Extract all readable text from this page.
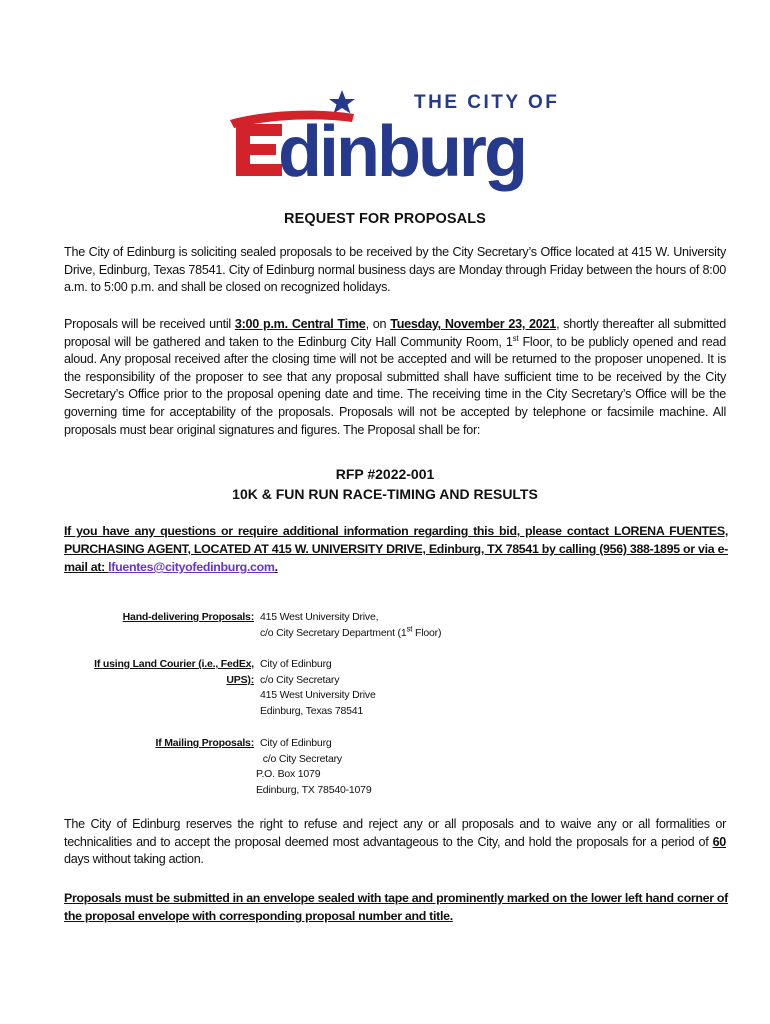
THE CITY OF
dinburg
REQUEST FOR PROPOSALS
The City of Edinburg is soliciting sealed proposals to be received by the City Secretary’s Office located at 415 W. University Drive, Edinburg, Texas 78541. City of Edinburg normal business days are Monday through Friday between the hours of 8:00 a.m. to 5:00 p.m. and shall be closed on recognized holidays.
Proposals will be received until 3:00 p.m. Central Time, on Tuesday, November 23, 2021, shortly thereafter all submitted proposal will be gathered and taken to the Edinburg City Hall Community Room, 1st Floor, to be publicly opened and read aloud. Any proposal received after the closing time will not be accepted and will be returned to the proposer unopened. It is the responsibility of the proposer to see that any proposal submitted shall have sufficient time to be received by the City Secretary’s Office prior to the proposal opening date and time. The receiving time in the City Secretary’s Office will be the governing time for acceptability of the proposals. Proposals will not be accepted by telephone or facsimile machine. All proposals must bear original signatures and figures. The Proposal shall be for:
RFP #2022-001
10K & FUN RUN RACE-TIMING AND RESULTS
If you have any questions or require additional information regarding this bid, please contact LORENA FUENTES, PURCHASING AGENT, LOCATED AT 415 W. UNIVERSITY DRIVE, Edinburg, TX 78541 by calling (956) 388-1895 or via e-mail at: lfuentes@cityofedinburg.com.
Hand-delivering Proposals: 415 West University Drive,
c/o City Secretary Department (1st Floor)
If using Land Courier (i.e., FedEx, UPS):
City of Edinburg
c/o City Secretary
415 West University Drive
Edinburg, Texas 78541
If Mailing Proposals: City of Edinburg
c/o City Secretary
P.O. Box 1079
Edinburg, TX 78540-1079
The City of Edinburg reserves the right to refuse and reject any or all proposals and to waive any or all formalities or technicalities and to accept the proposal deemed most advantageous to the City, and hold the proposals for a period of 60 days without taking action.
Proposals must be submitted in an envelope sealed with tape and prominently marked on the lower left hand corner of the proposal envelope with corresponding proposal number and title.
